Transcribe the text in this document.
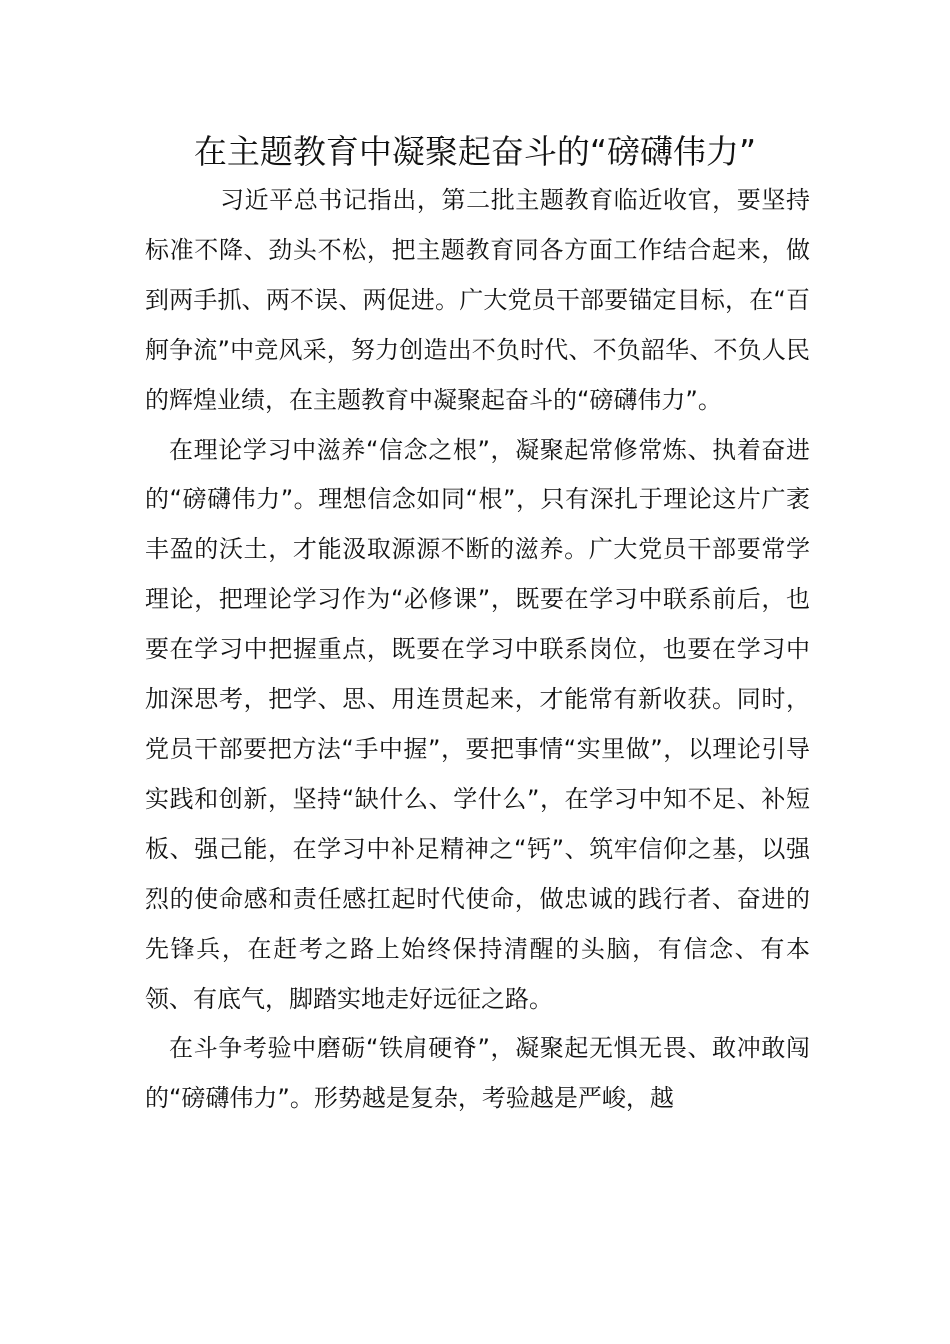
在主题教育中凝聚起奋斗的“磅礴伟力”

习近平总书记指出，第二批主题教育临近收官，要坚持标准不降、劲头不松，把主题教育同各方面工作结合起来，做到两手抓、两不误、两促进。广大党员干部要锚定目标，在“百舸争流”中竞风采，努力创造出不负时代、不负韶华、不负人民的辉煌业绩，在主题教育中凝聚起奋斗的“磅礴伟力”。

在理论学习中滋养“信念之根”，凝聚起常修常炼、执着奋进的“磅礴伟力”。理想信念如同“根”，只有深扎于理论这片广袤丰盈的沃土，才能汲取源源不断的滋养。广大党员干部要常学理论，把理论学习作为“必修课”，既要在学习中联系前后，也要在学习中把握重点，既要在学习中联系岗位，也要在学习中加深思考，把学、思、用连贯起来，才能常有新收获。同时，党员干部要把方法“手中握”，要把事情“实里做”，以理论引导实践和创新，坚持“缺什么、学什么”，在学习中知不足、补短板、强己能，在学习中补足精神之“钙”、筑牢信仰之基，以强烈的使命感和责任感扛起时代使命，做忠诚的践行者、奋进的先锋兵，在赶考之路上始终保持清醒的头脑，有信念、有本领、有底气，脚踏实地走好远征之路。

在斗争考验中磨砺“铁肩硬脊”，凝聚起无惧无畏、敢冲敢闯的“磅礴伟力”。形势越是复杂，考验越是严峻，越
